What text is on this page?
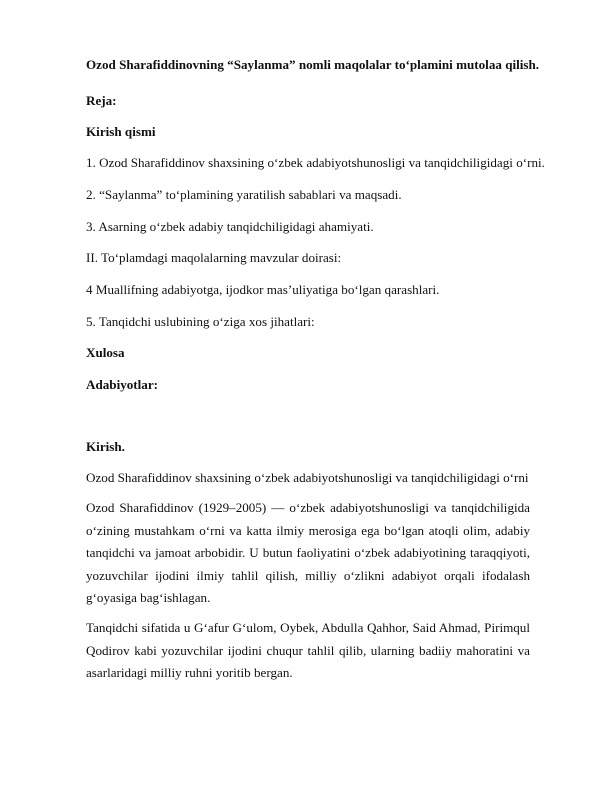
Ozod Sharafiddinovning “Saylanma” nomli maqolalar to‘plamini mutolaa qilish.
Reja:
Kirish qismi
1. Ozod Sharafiddinov shaxsining o‘zbek adabiyotshunosligi va tanqidchiligidagi o‘rni.
2. “Saylanma” to‘plamining yaratilish sabablari va maqsadi.
3. Asarning o‘zbek adabiy tanqidchiligidagi ahamiyati.
II. To‘plamdagi maqolalarning mavzular doirasi:
4 Muallifning adabiyotga, ijodkor mas’uliyatiga bo‘lgan qarashlari.
5. Tanqidchi uslubining o‘ziga xos jihatlari:
Xulosa
Adabiyotlar:
Kirish.
Ozod Sharafiddinov shaxsining o‘zbek adabiyotshunosligi va tanqidchiligidagi o‘rni

Ozod Sharafiddinov (1929–2005) — o‘zbek adabiyotshunosligi va tanqidchiligida o‘zining mustahkam o‘rni va katta ilmiy merosiga ega bo‘lgan atoqli olim, adabiy tanqidchi va jamoat arbobidir. U butun faoliyatini o‘zbek adabiyotining taraqqiyoti, yozuvchilar ijodini ilmiy tahlil qilish, milliy o‘zlikni adabiyot orqali ifodalash g‘oyasiga bag‘ishlagan.

Tanqidchi sifatida u G‘afur G‘ulom, Oybek, Abdulla Qahhor, Said Ahmad, Pirimqul Qodirov kabi yozuvchilar ijodini chuqur tahlil qilib, ularning badiiy mahoratini va asarlaridagi milliy ruhni yoritib bergan.
